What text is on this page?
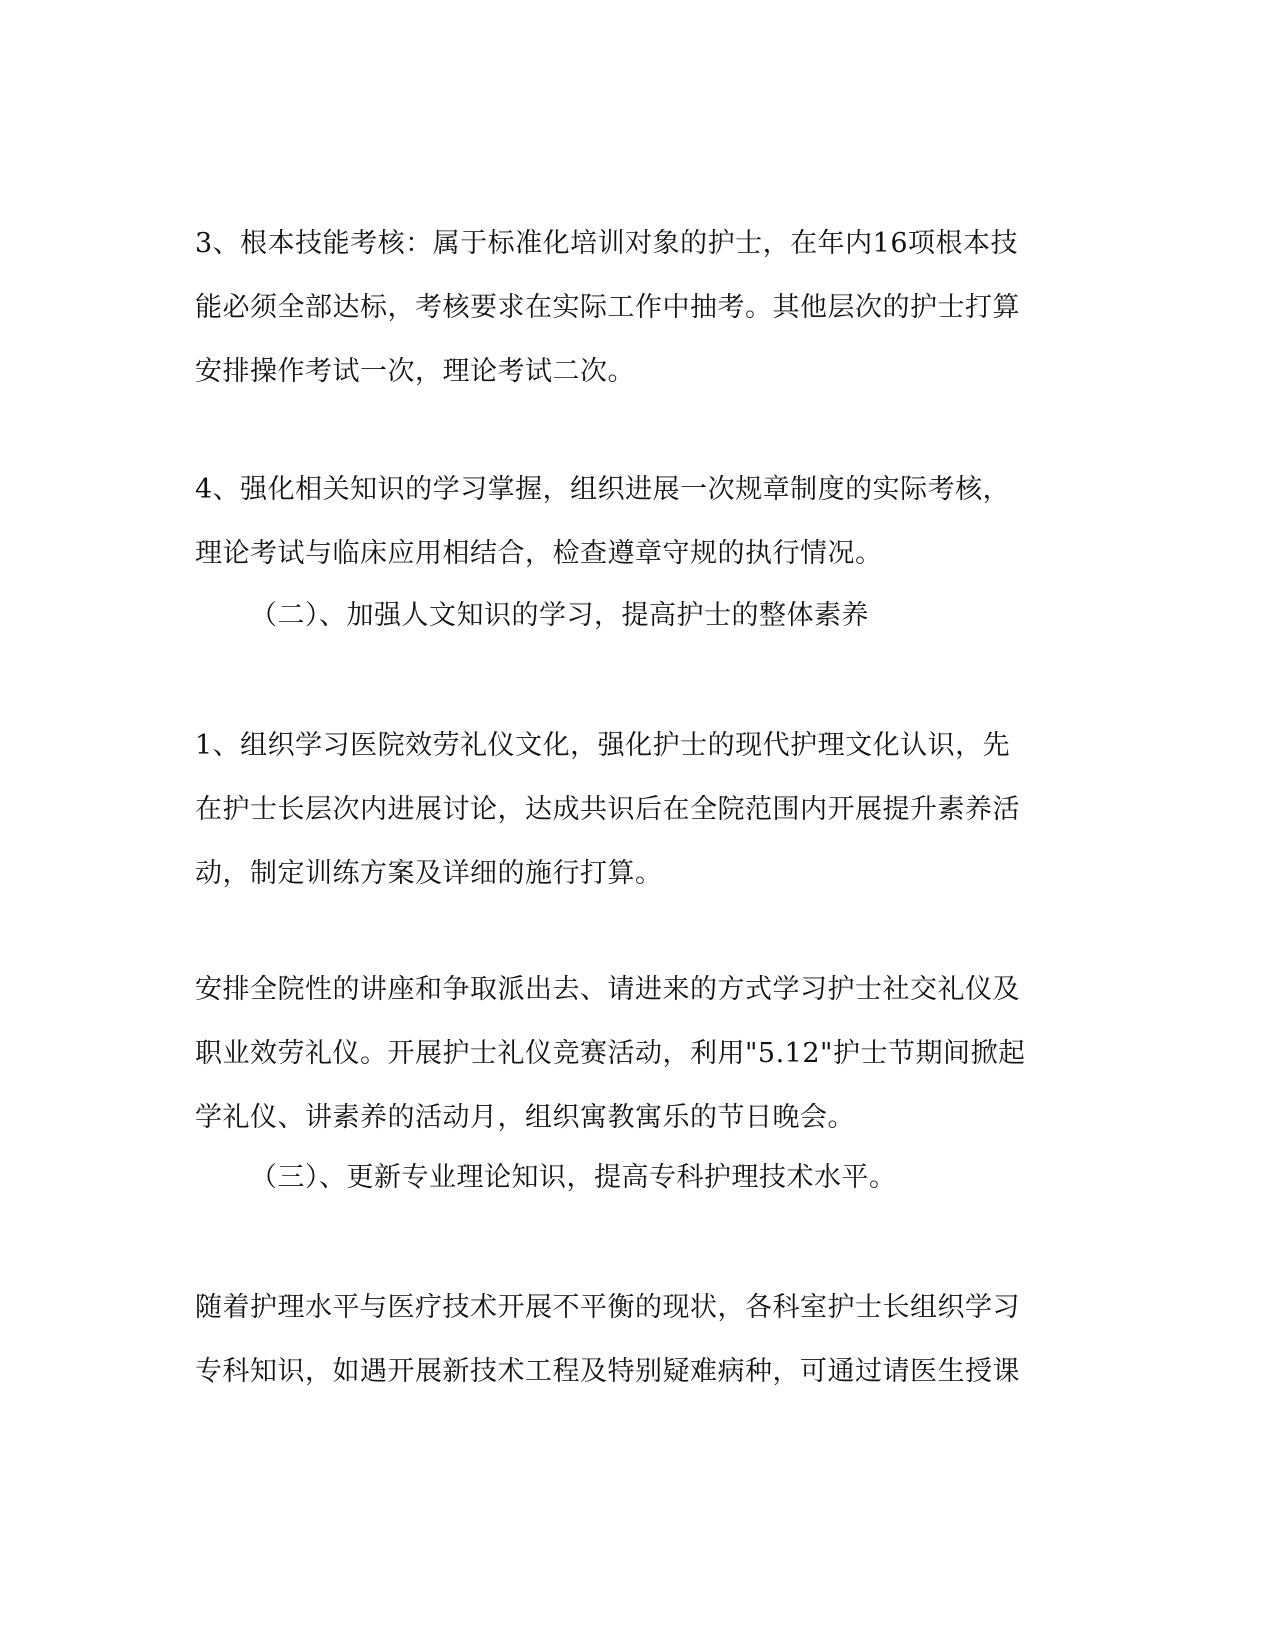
3、根本技能考核：属于标准化培训对象的护士，在年内16项根本技
能必须全部达标，考核要求在实际工作中抽考。其他层次的护士打算
安排操作考试一次，理论考试二次。
4、强化相关知识的学习掌握，组织进展一次规章制度的实际考核，
理论考试与临床应用相结合，检查遵章守规的执行情况。
（二）、加强人文知识的学习，提高护士的整体素养
1、组织学习医院效劳礼仪文化，强化护士的现代护理文化认识，先
在护士长层次内进展讨论，达成共识后在全院范围内开展提升素养活
动，制定训练方案及详细的施行打算。
安排全院性的讲座和争取派出去、请进来的方式学习护士社交礼仪及
职业效劳礼仪。开展护士礼仪竞赛活动，利用"5.12"护士节期间掀起
学礼仪、讲素养的活动月，组织寓教寓乐的节日晚会。
（三）、更新专业理论知识，提高专科护理技术水平。
随着护理水平与医疗技术开展不平衡的现状，各科室护士长组织学习
专科知识，如遇开展新技术工程及特别疑难病种，可通过请医生授课
